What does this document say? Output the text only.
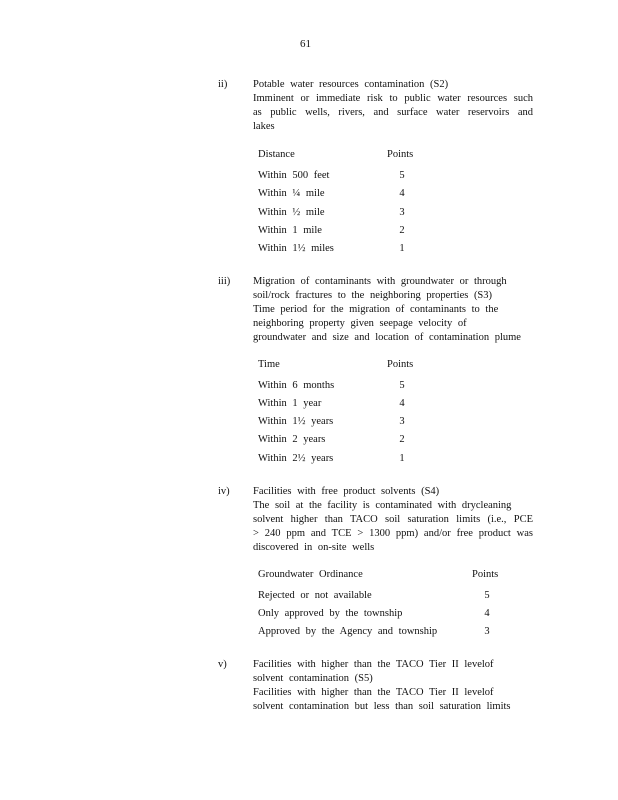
61
ii) Potable water resources contamination (S2)
Imminent or immediate risk to public water resources such
as public wells, rivers, and surface water reservoirs and
lakes
Distance	Points
Within 500 feet	5
Within ¼ mile	4
Within ½ mile	3
Within 1 mile	2
Within 1½ miles	1
iii) Migration of contaminants with groundwater or through
soil/rock fractures to the neighboring properties (S3)
Time period for the migration of contaminants to the
neighboring property given seepage velocity of
groundwater and size and location of contamination plume
Time	Points
Within 6 months	5
Within 1 year	4
Within 1½ years	3
Within 2 years	2
Within 2½ years	1
iv) Facilities with free product solvents (S4)
The soil at the facility is contaminated with drycleaning
solvent higher than TACO soil saturation limits (i.e., PCE
> 240 ppm and TCE > 1300 ppm) and/or free product was
discovered in on-site wells
Groundwater Ordinance	Points
Rejected or not available	5
Only approved by the township	4
Approved by the Agency and township	3
v)	Facilities with higher than the TACO Tier II levelof
solvent contamination (S5)
Facilities with higher than the TACO Tier II levelof
solvent contamination but less than soil saturation limits
